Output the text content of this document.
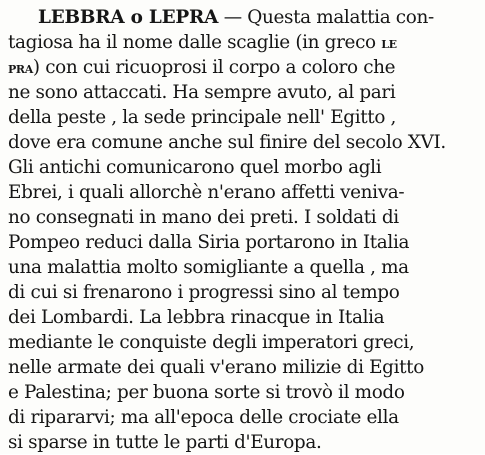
LEBBRA o LEPRA — Questa malattia con-
tagiosa ha il nome dalle scaglie (in greco le
pra) con cui ricuoprosi il corpo a coloro che
ne sono attaccati. Ha sempre avuto, al pari
della peste , la sede principale nell' Egitto ,
dove era comune anche sul finire del secolo XVI.
Gli antichi comunicarono quel morbo agli
Ebrei, i quali allorchè n'erano affetti veniva-
no consegnati in mano dei preti. I soldati di
Pompeo reduci dalla Siria portarono in Italia
una malattia molto somigliante a quella , ma
di cui si frenarono i progressi sino al tempo
dei Lombardi. La lebbra rinacque in Italia
mediante le conquiste degli imperatori greci,
nelle armate dei quali v'erano milizie di Egitto
e Palestina; per buona sorte si trovò il modo
di ripararvi; ma all'epoca delle crociate ella
si sparse in tutte le parti d'Europa.
